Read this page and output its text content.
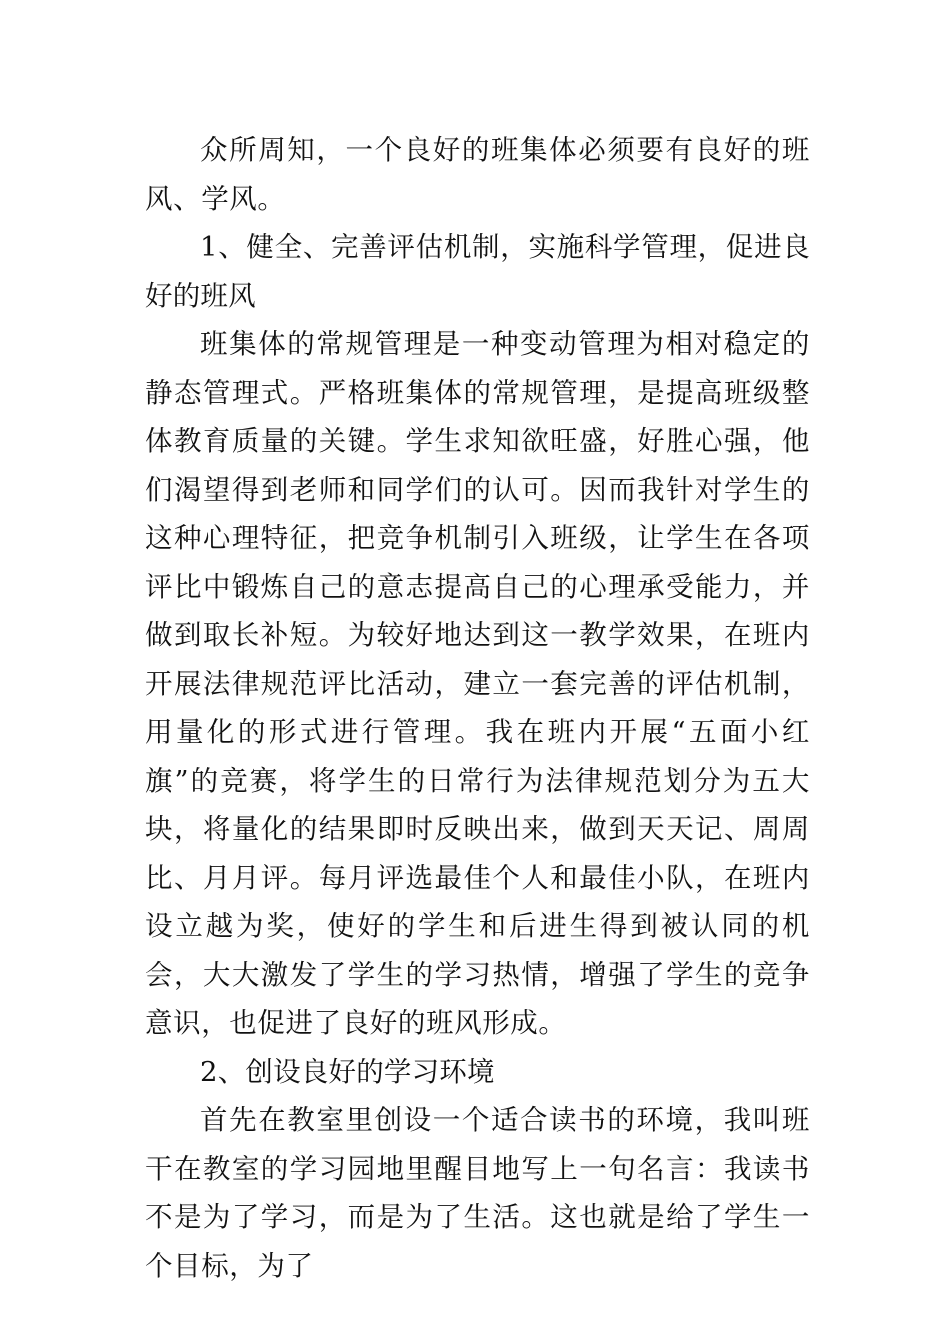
众所周知，一个良好的班集体必须要有良好的班风、学风。

1、健全、完善评估机制，实施科学管理，促进良好的班风

班集体的常规管理是一种变动管理为相对稳定的静态管理式。严格班集体的常规管理，是提高班级整体教育质量的关键。学生求知欲旺盛，好胜心强，他们渴望得到老师和同学们的认可。因而我针对学生的这种心理特征，把竞争机制引入班级，让学生在各项评比中锻炼自己的意志提高自己的心理承受能力，并做到取长补短。为较好地达到这一教学效果，在班内开展法律规范评比活动，建立一套完善的评估机制，用量化的形式进行管理。我在班内开展“五面小红旗”的竞赛，将学生的日常行为法律规范划分为五大块，将量化的结果即时反映出来，做到天天记、周周比、月月评。每月评选最佳个人和最佳小队，在班内设立越为奖，使好的学生和后进生得到被认同的机会，大大激发了学生的学习热情，增强了学生的竞争意识，也促进了良好的班风形成。

2、创设良好的学习环境

首先在教室里创设一个适合读书的环境，我叫班干在教室的学习园地里醒目地写上一句名言：我读书不是为了学习，而是为了生活。这也就是给了学生一个目标，为了
